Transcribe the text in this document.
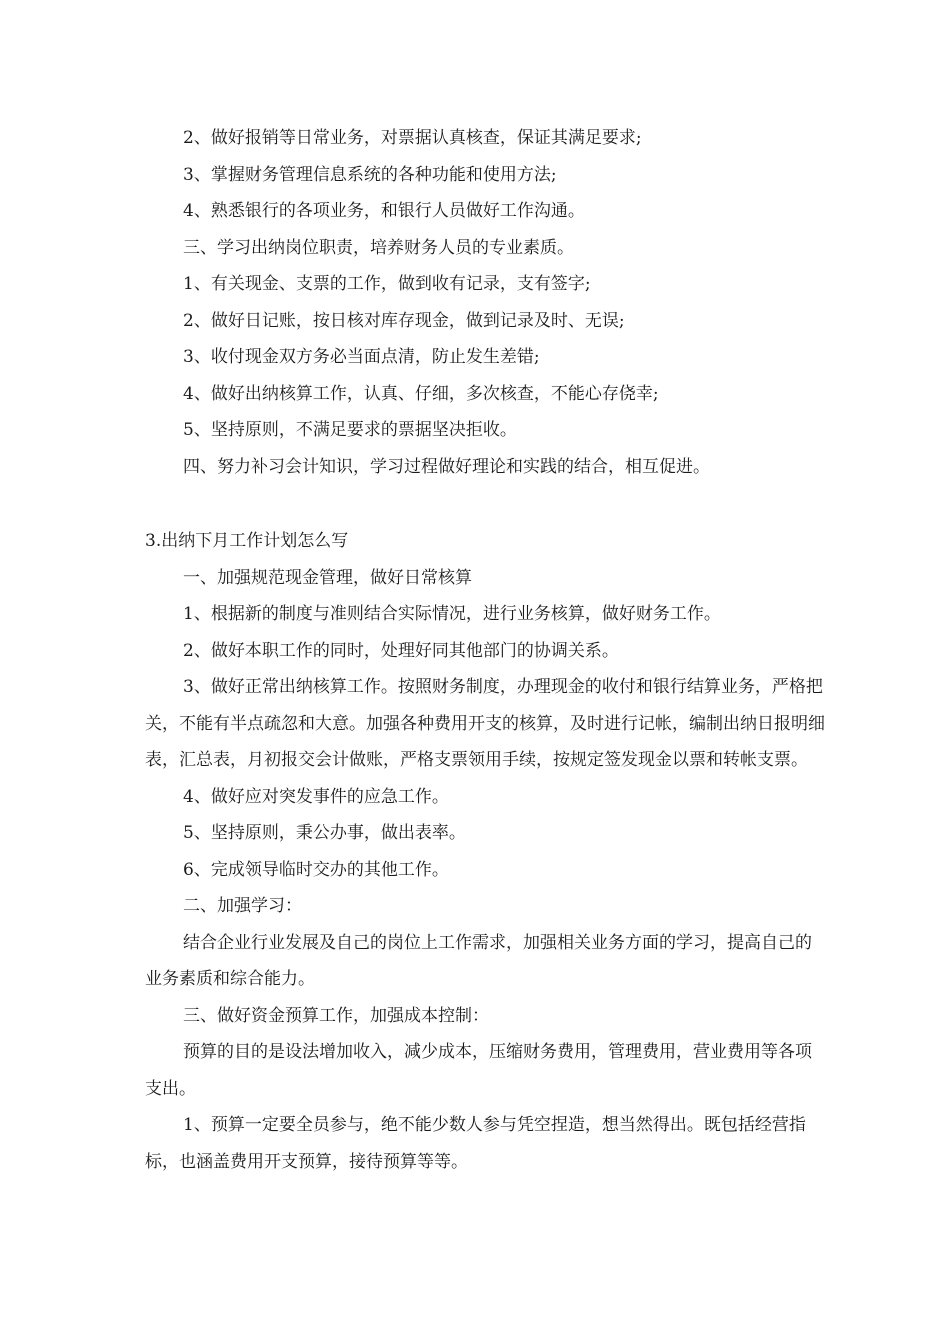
2、做好报销等日常业务，对票据认真核查，保证其满足要求;

3、掌握财务管理信息系统的各种功能和使用方法;

4、熟悉银行的各项业务，和银行人员做好工作沟通。

三、学习出纳岗位职责，培养财务人员的专业素质。

1、有关现金、支票的工作，做到收有记录，支有签字;

2、做好日记账，按日核对库存现金，做到记录及时、无误;

3、收付现金双方务必当面点清，防止发生差错;

4、做好出纳核算工作，认真、仔细，多次核查，不能心存侥幸;

5、坚持原则，不满足要求的票据坚决拒收。

四、努力补习会计知识，学习过程做好理论和实践的结合，相互促进。

3.出纳下月工作计划怎么写

一、加强规范现金管理，做好日常核算

1、根据新的制度与准则结合实际情况，进行业务核算，做好财务工作。

2、做好本职工作的同时，处理好同其他部门的协调关系。

3、做好正常出纳核算工作。按照财务制度，办理现金的收付和银行结算业务，严格把关，不能有半点疏忽和大意。加强各种费用开支的核算，及时进行记帐，编制出纳日报明细表，汇总表，月初报交会计做账，严格支票领用手续，按规定签发现金以票和转帐支票。

4、做好应对突发事件的应急工作。

5、坚持原则，秉公办事，做出表率。

6、完成领导临时交办的其他工作。

二、加强学习：

结合企业行业发展及自己的岗位上工作需求，加强相关业务方面的学习，提高自己的业务素质和综合能力。

三、做好资金预算工作，加强成本控制：

预算的目的是设法增加收入，减少成本，压缩财务费用，管理费用，营业费用等各项支出。

1、预算一定要全员参与，绝不能少数人参与凭空捏造，想当然得出。既包括经营指标，也涵盖费用开支预算，接待预算等等。
